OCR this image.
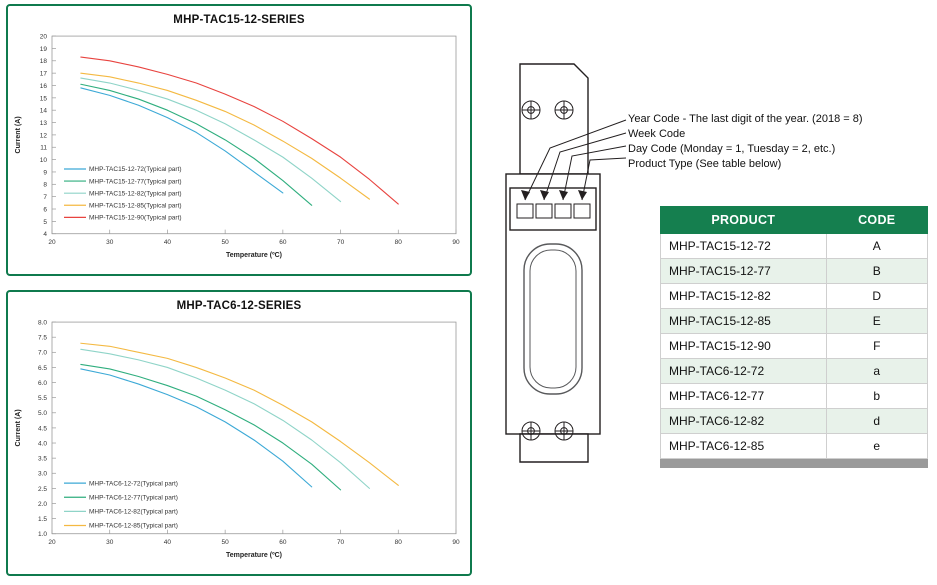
MHP-TAC15-12-SERIES
4
5
6
7
8
9
10
11
12
13
14
15
16
17
18
19
20
20	30	40	50	60	70	80	90
Temperature (ºC)
Current (A)
MHP-TAC15-12-72(Typical part)
MHP-TAC15-12-77(Typical part)
MHP-TAC15-12-82(Typical part)
MHP-TAC15-12-85(Typical part)
MHP-TAC15-12-90(Typical part)
MHP-TAC6-12-SERIES
1.0
1.5
2.0
2.5
3.0
3.5
4.0
4.5
5.0
5.5
6.0
6.5
7.0
7.5
8.0
20	30	40	50	60	70	80	90
Temperature (ºC)
Current (A)
MHP-TAC6-12-72(Typical part)
MHP-TAC6-12-77(Typical part)
MHP-TAC6-12-82(Typical part)
MHP-TAC6-12-85(Typical part)
Year Code - The last digit of the year. (2018 = 8)
Week Code
Day Code (Monday = 1, Tuesday = 2, etc.)
Product Type (See table below)
PRODUCT	CODE
MHP-TAC15-12-72	A
MHP-TAC15-12-77	B
MHP-TAC15-12-82	D
MHP-TAC15-12-85	E
MHP-TAC15-12-90	F
MHP-TAC6-12-72	a
MHP-TAC6-12-77	b
MHP-TAC6-12-82	d
MHP-TAC6-12-85	e
